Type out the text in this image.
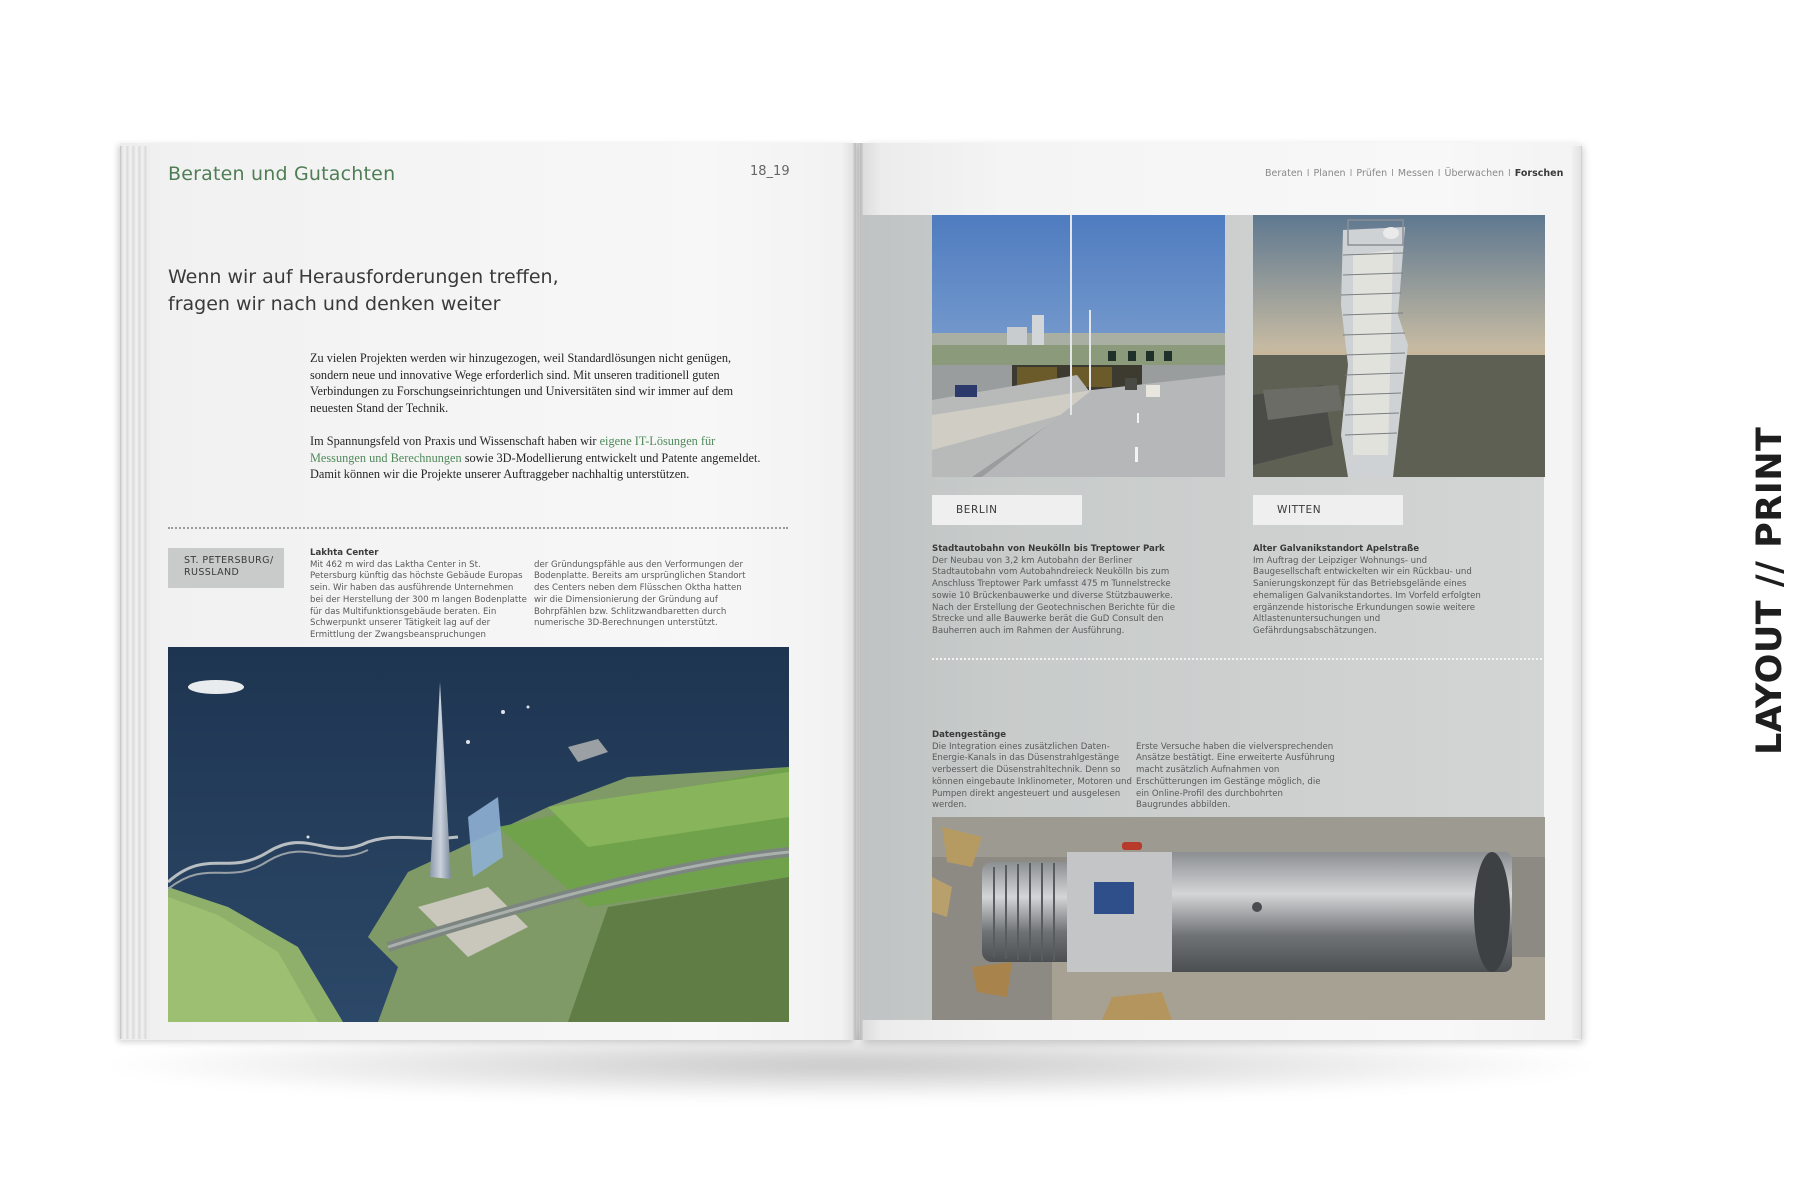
Beraten und Gutachten	18_19
Wenn wir auf Herausforderungen treffen,
fragen wir nach und denken weiter

Zu vielen Projekten werden wir hinzugezogen, weil Standardlösungen nicht genügen, sondern neue und innovative Wege erforderlich sind. Mit unseren traditionell guten Verbindungen zu Forschungseinrichtungen und Universitäten sind wir immer auf dem neuesten Stand der Technik.

Im Spannungsfeld von Praxis und Wissenschaft haben wir eigene IT-Lösungen für Messungen und Berechnungen sowie 3D-Modellierung entwickelt und Patente angemeldet. Damit können wir die Projekte unserer Auftraggeber nachhaltig unterstützen.

ST. PETERSBURG/
RUSSLAND
Lakhta Center
Mit 462 m wird das Laktha Center in St. Petersburg künftig das höchste Gebäude Europas sein. Wir haben das ausführende Unternehmen bei der Herstellung der 300 m langen Bodenplatte für das Multifunktionsgebäude beraten. Ein Schwerpunkt unserer Tätigkeit lag auf der Ermittlung der Zwangsbeanspruchungen
der Gründungspfähle aus den Verformungen der Bodenplatte. Bereits am ursprünglichen Standort des Centers neben dem Flüsschen Oktha hatten wir die Dimensionierung der Gründung auf Bohrpfählen bzw. Schlitzwandbaretten durch numerische 3D-Berechnungen unterstützt.
Beraten I Planen I Prüfen I Messen I Überwachen I Forschen
BERLIN	WITTEN
Stadtautobahn von Neukölln bis Treptower Park
Der Neubau von 3,2 km Autobahn der Berliner Stadtautobahn vom Autobahndreieck Neukölln bis zum Anschluss Treptower Park umfasst 475 m Tunnelstrecke sowie 10 Brückenbauwerke und diverse Stützbauwerke. Nach der Erstellung der Geotechnischen Berichte für die Strecke und alle Bauwerke berät die GuD Consult den Bauherren auch im Rahmen der Ausführung.
Alter Galvanikstandort Apelstraße
Im Auftrag der Leipziger Wohnungs- und Baugesellschaft entwickelten wir ein Rückbau- und Sanierungskonzept für das Betriebsgelände eines ehemaligen Galvanikstandortes. Im Vorfeld erfolgten ergänzende historische Erkundungen sowie weitere Altlastenuntersuchungen und Gefährdungsabschätzungen.
Datengestänge
Die Integration eines zusätzlichen Daten-Energie-Kanals in das Düsenstrahlgestänge verbessert die Düsenstrahltechnik. Denn so können eingebaute Inklinometer, Motoren und Pumpen direkt angesteuert und ausgelesen werden.
Erste Versuche haben die vielversprechenden Ansätze bestätigt. Eine erweiterte Ausführung macht zusätzlich Aufnahmen von Erschütterungen im Gestänge möglich, die ein Online-Profil des durchbohrten Baugrundes abbilden.
LAYOUT // PRINT
